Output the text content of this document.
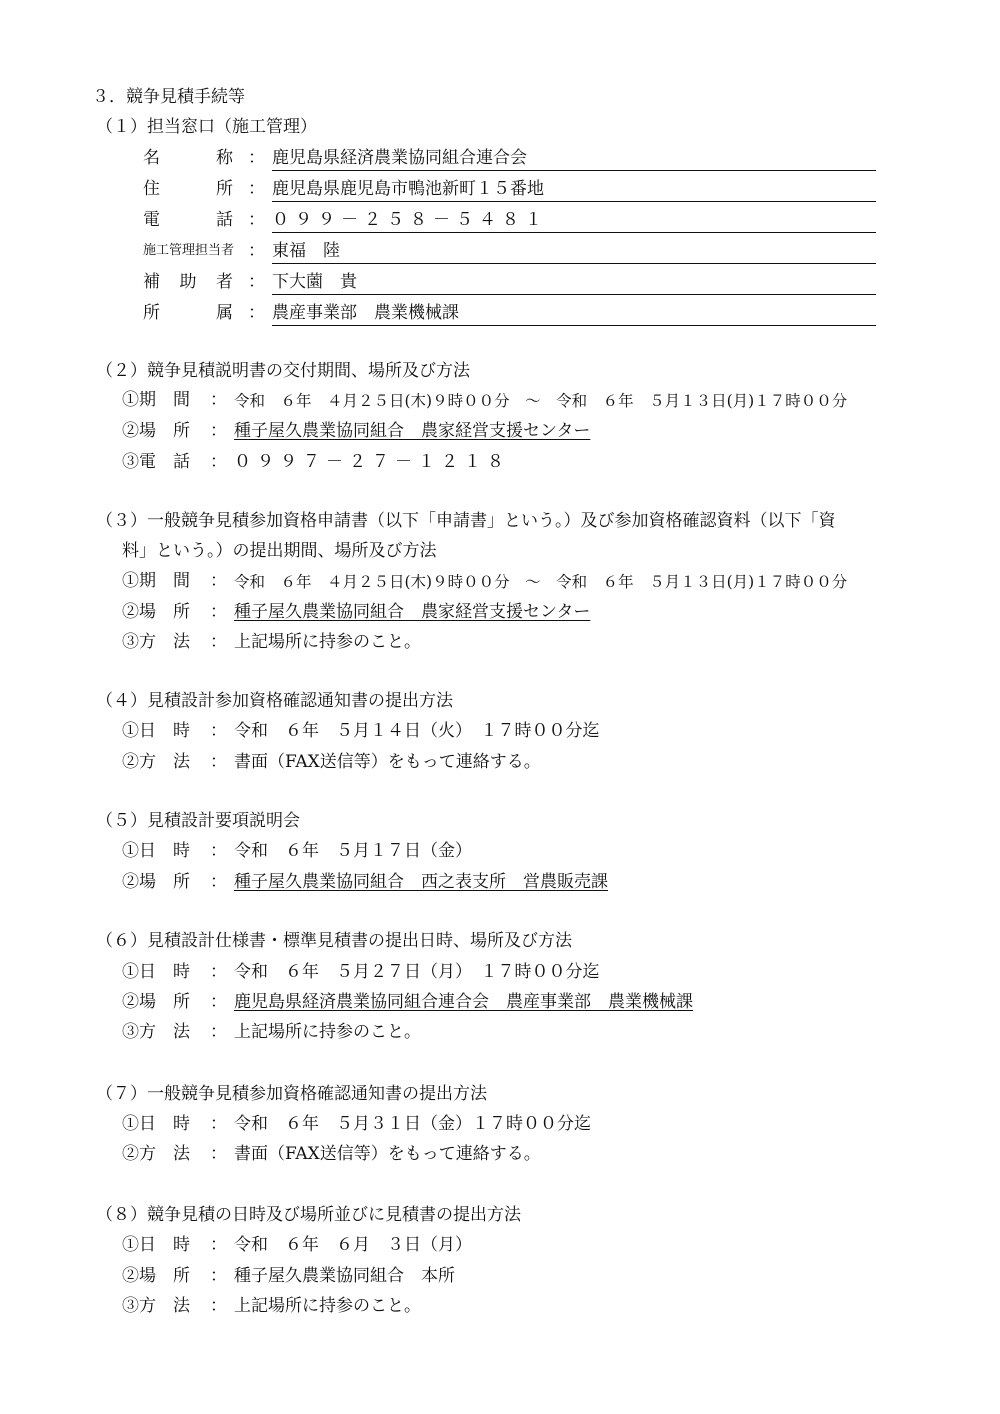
３．競争見積手続等
（１）担当窓口（施工管理）
名　　称 ： 鹿児島県経済農業協同組合連合会
住　　所 ： 鹿児島県鹿児島市鴨池新町１５番地
電　　話 ： ０９９－２５８－５４８１
施工管理担当者 ： 東福　陸
補 助 者 ： 下大薗　貴
所　　属 ： 農産事業部　農業機械課
（２）競争見積説明書の交付期間、場所及び方法
①期　間 ： 令和　６年　４月２５日(木)９時００分　～　令和　６年　５月１３日(月)１７時００分
②場　所 ： 種子屋久農業協同組合　農家経営支援センター
③電　話 ： ０９９７－２７－１２１８
（３）一般競争見積参加資格申請書（以下「申請書」という。）及び参加資格確認資料（以下「資
料」という。）の提出期間、場所及び方法
①期　間 ： 令和　６年　４月２５日(木)９時００分　～　令和　６年　５月１３日(月)１７時００分
②場　所 ： 種子屋久農業協同組合　農家経営支援センター
③方　法 ： 上記場所に持参のこと。
（４）見積設計参加資格確認通知書の提出方法
①日　時 ： 令和　６年　５月１４日（火）　１７時００分迄
②方　法 ： 書面（FAX送信等）をもって連絡する。
（５）見積設計要項説明会
①日　時 ： 令和　６年　５月１７日（金）
②場　所 ： 種子屋久農業協同組合　西之表支所　営農販売課
（６）見積設計仕様書・標準見積書の提出日時、場所及び方法
①日　時 ： 令和　６年　５月２７日（月）　１７時００分迄
②場　所 ： 鹿児島県経済農業協同組合連合会　農産事業部　農業機械課
③方　法 ： 上記場所に持参のこと。
（７）一般競争見積参加資格確認通知書の提出方法
①日　時 ： 令和　６年　５月３１日（金）１７時００分迄
②方　法 ： 書面（FAX送信等）をもって連絡する。
（８）競争見積の日時及び場所並びに見積書の提出方法
①日　時 ： 令和　６年　６月　３日（月）
②場　所 ： 種子屋久農業協同組合　本所
③方　法 ： 上記場所に持参のこと。
